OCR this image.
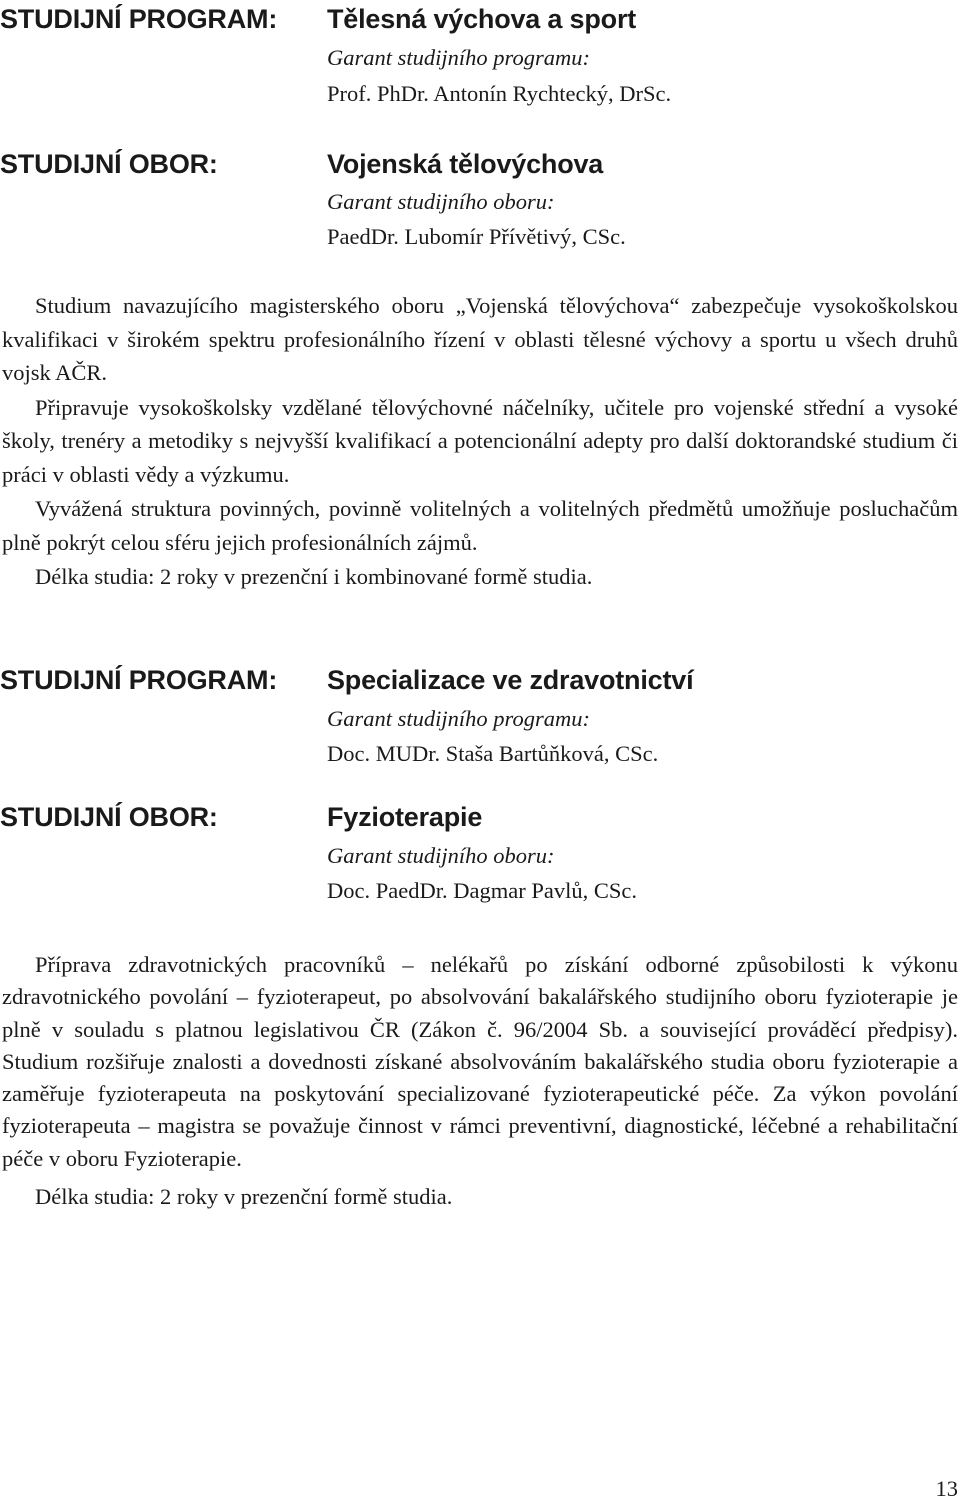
STUDIJNÍ PROGRAM: Tělesná výchova a sport
Garant studijního programu:
Prof. PhDr. Antonín Rychtecký, DrSc.
STUDIJNÍ OBOR:	Vojenská tělovýchova
Garant studijního oboru:
PaedDr. Lubomír Přívětivý, CSc.

Studium navazujícího magisterského oboru „Vojenská tělovýchova“ zabezpečuje vysokoškolskou kvalifikaci v širokém spektru profesionálního řízení v oblasti tělesné výchovy a sportu u všech druhů vojsk AČR.

Připravuje vysokoškolsky vzdělané tělovýchovné náčelníky, učitele pro vojenské střední a vysoké školy, trenéry a metodiky s nejvyšší kvalifikací a potencionální adepty pro další doktorandské studium či práci v oblasti vědy a výzkumu.

Vyvážená struktura povinných, povinně volitelných a volitelných předmětů umožňuje posluchačům plně pokrýt celou sféru jejich profesionálních zájmů.

Délka studia: 2 roky v prezenční i kombinované formě studia.

STUDIJNÍ PROGRAM: Specializace ve zdravotnictví
Garant studijního programu:
Doc. MUDr. Staša Bartůňková, CSc.
STUDIJNÍ OBOR:	Fyzioterapie
Garant studijního oboru:
Doc. PaedDr. Dagmar Pavlů, CSc.

Příprava zdravotnických pracovníků – nelékařů po získání odborné způsobilosti k výkonu zdravotnického povolání – fyzioterapeut, po absolvování bakalářského studijního oboru fyzioterapie je plně v souladu s platnou legislativou ČR (Zákon č. 96/2004 Sb. a související prováděcí předpisy). Studium rozšiřuje znalosti a dovednosti získané absolvováním bakalářského studia oboru fyzioterapie a zaměřuje fyzioterapeuta na poskytování specializované fyzioterapeutické péče. Za výkon povolání fyzioterapeuta – magistra se považuje činnost v rámci preventivní, diagnostické, léčebné a rehabilitační péče v oboru Fyzioterapie.

Délka studia: 2 roky v prezenční formě studia.

13
